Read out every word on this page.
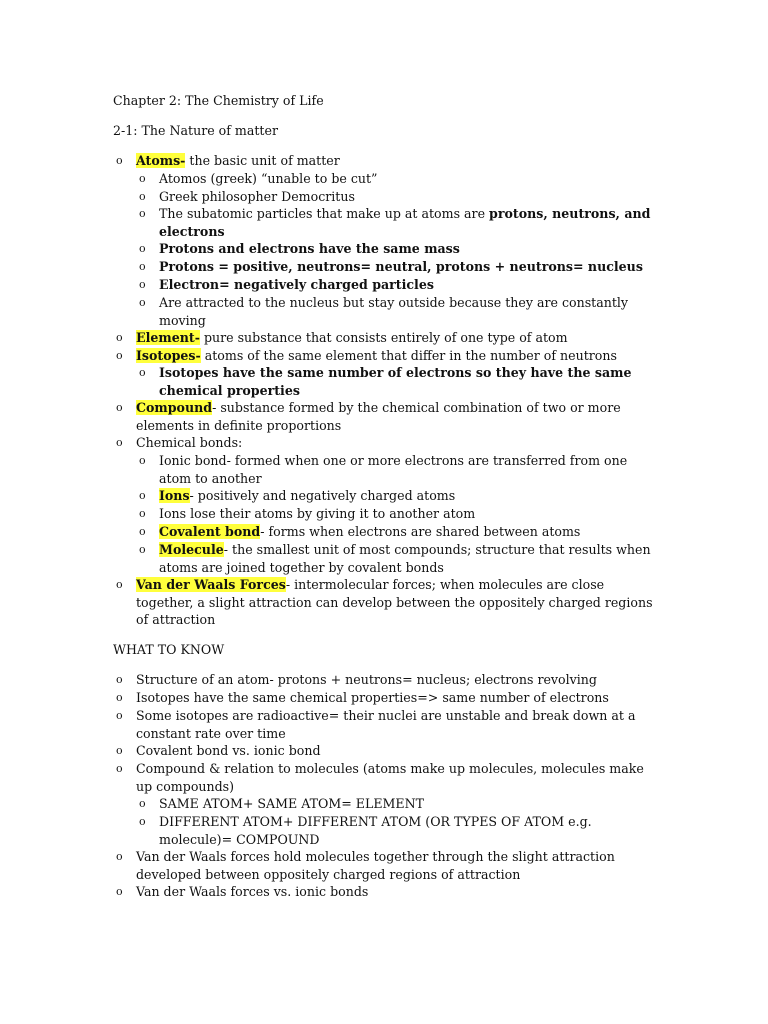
Chapter 2: The Chemistry of Life
2-1: The Nature of matter
o Atoms- the basic unit of matter
o Atomos (greek) “unable to be cut”
o Greek philosopher Democritus
o The subatomic particles that make up at atoms are protons, neutrons, and electrons
o Protons and electrons have the same mass
o Protons = positive, neutrons= neutral, protons + neutrons= nucleus
o Electron= negatively charged particles
o Are attracted to the nucleus but stay outside because they are constantly moving
o Element- pure substance that consists entirely of one type of atom
o Isotopes- atoms of the same element that differ in the number of neutrons
o Isotopes have the same number of electrons so they have the same chemical properties
o Compound- substance formed by the chemical combination of two or more elements in definite proportions
o Chemical bonds:
o Ionic bond- formed when one or more electrons are transferred from one atom to another
o Ions- positively and negatively charged atoms
o Ions lose their atoms by giving it to another atom
o Covalent bond- forms when electrons are shared between atoms
o Molecule- the smallest unit of most compounds; structure that results when atoms are joined together by covalent bonds
o Van der Waals Forces- intermolecular forces; when molecules are close together, a slight attraction can develop between the oppositely charged regions of attraction
WHAT TO KNOW
o Structure of an atom- protons + neutrons= nucleus; electrons revolving
o Isotopes have the same chemical properties=> same number of electrons
o Some isotopes are radioactive= their nuclei are unstable and break down at a constant rate over time
o Covalent bond vs. ionic bond
o Compound & relation to molecules (atoms make up molecules, molecules make up compounds)
o SAME ATOM+ SAME ATOM= ELEMENT
o DIFFERENT ATOM+ DIFFERENT ATOM (OR TYPES OF ATOM e.g. molecule)= COMPOUND
o Van der Waals forces hold molecules together through the slight attraction developed between oppositely charged regions of attraction
o Van der Waals forces vs. ionic bonds
